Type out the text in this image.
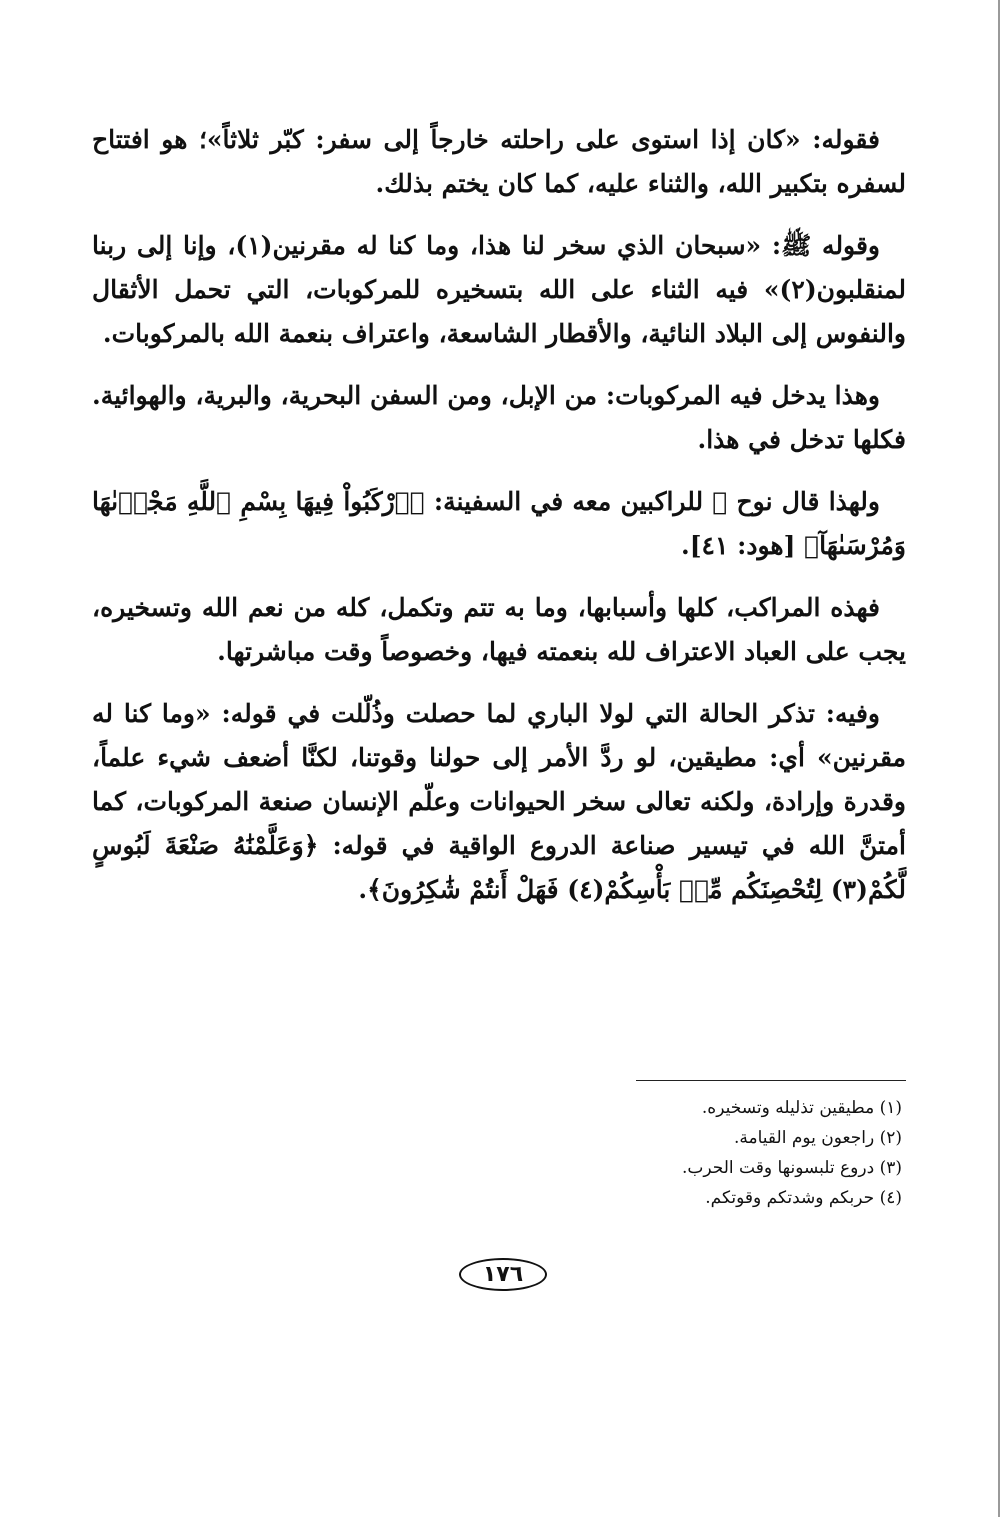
فقوله: «كان إذا استوى على راحلته خارجاً إلى سفر: كبّر ثلاثاً»؛ هو افتتاح لسفره بتكبير الله، والثناء عليه، كما كان يختم بذلك.

وقوله ﷺ: «سبحان الذي سخر لنا هذا، وما كنا له مقرنين(١)، وإنا إلى ربنا لمنقلبون(٢)» فيه الثناء على الله بتسخيره للمركوبات، التي تحمل الأثقال والنفوس إلى البلاد النائية، والأقطار الشاسعة، واعتراف بنعمة الله بالمركوبات.

وهذا يدخل فيه المركوبات: من الإبل، ومن السفن البحرية، والبرية، والهوائية. فكلها تدخل في هذا.

ولهذا قال نوح ﷺ للراكبين معه في السفينة: ﴿ٱرْكَبُواْ فِيهَا بِسْمِ ٱللَّهِ مَجْرٜىٰهَا وَمُرْسَىٰهَآ﴾ [هود: ٤١].

فهذه المراكب، كلها وأسبابها، وما به تتم وتكمل، كله من نعم الله وتسخيره، يجب على العباد الاعتراف لله بنعمته فيها، وخصوصاً وقت مباشرتها.

وفيه: تذكر الحالة التي لولا الباري لما حصلت وذُلّلت في قوله: «وما كنا له مقرنين» أي: مطيقين، لو ردَّ الأمر إلى حولنا وقوتنا، لكنَّا أضعف شيء علماً، وقدرة وإرادة، ولكنه تعالى سخر الحيوانات وعلّم الإنسان صنعة المركوبات، كما أمتنَّ الله في تيسير صناعة الدروع الواقية في قوله: ﴿وَعَلَّمْنَٰهُ صَنْعَةَ لَبُوسٍ لَّكُمْ(٣) لِتُحْصِنَكُم مِّنۢ بَأْسِكُمْ(٤) فَهَلْ أَنتُمْ شَٰكِرُونَ﴾.

(١) مطيقين تذليله وتسخيره.
(٢) راجعون يوم القيامة.
(٣) دروع تلبسونها وقت الحرب.
(٤) حربكم وشدتكم وقوتكم.
١٧٦
